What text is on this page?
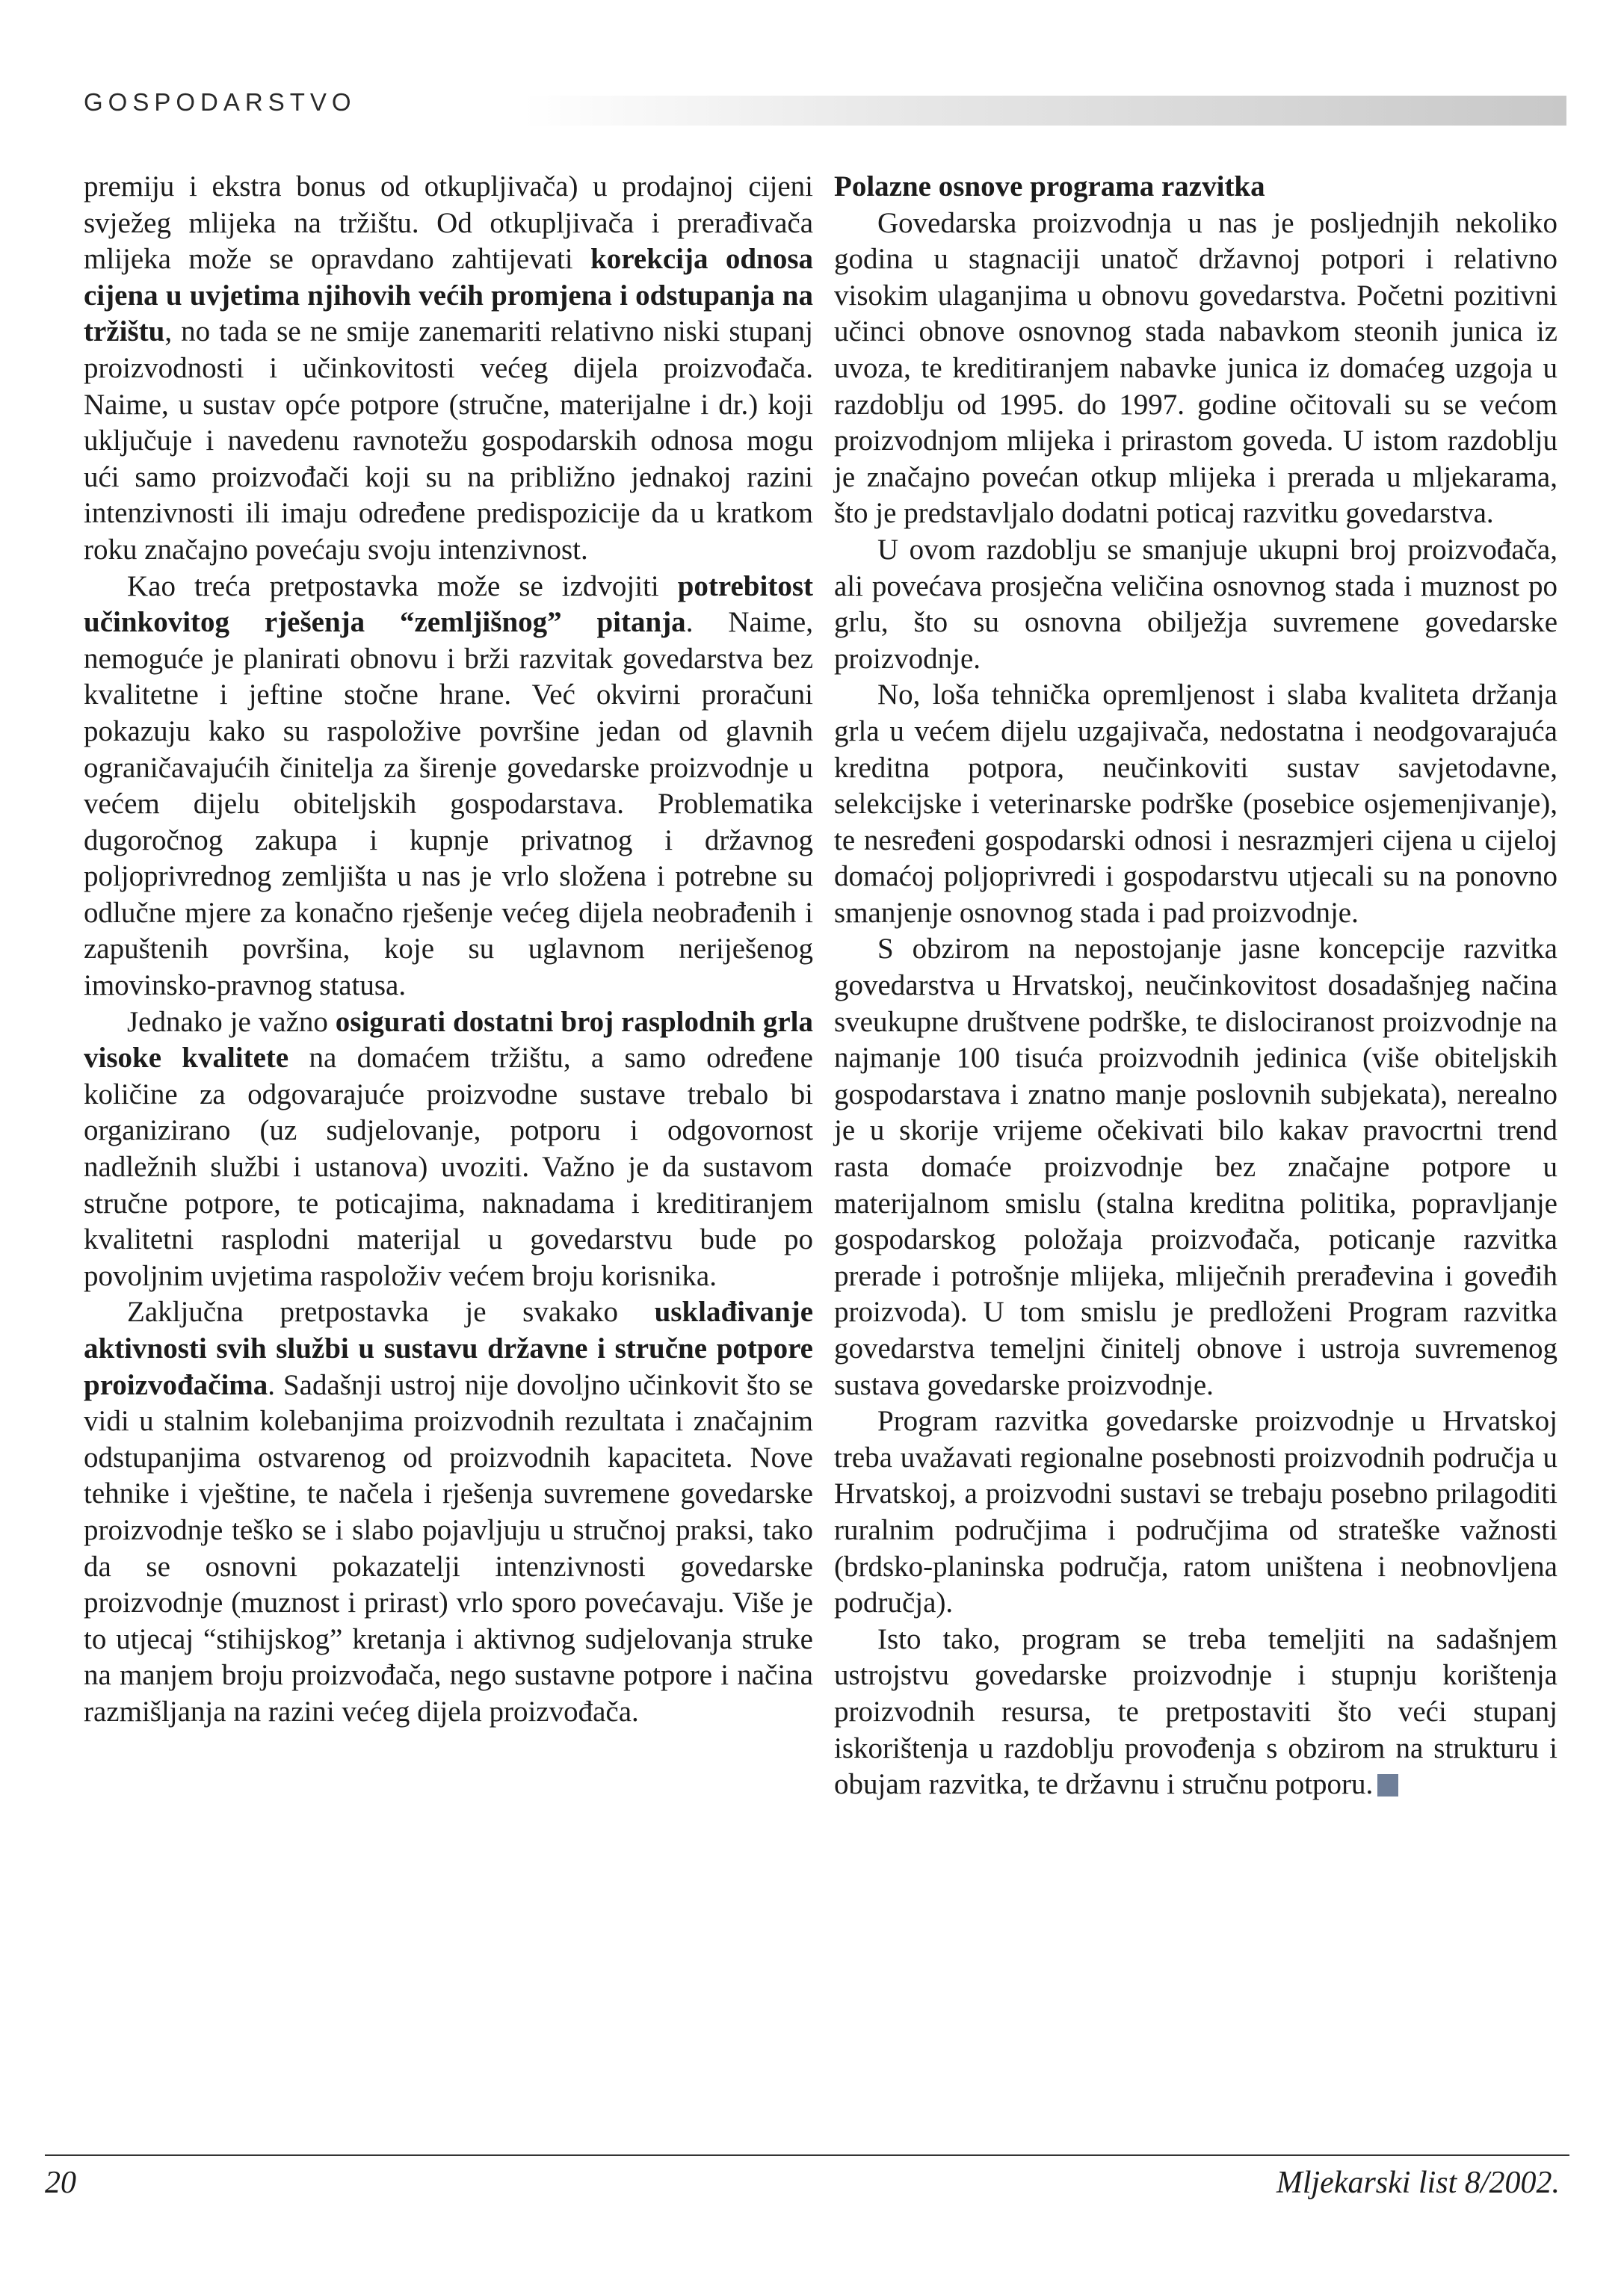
GOSPODARSTVO

premiju i ekstra bonus od otkupljivača) u prodajnoj cijeni svježeg mlijeka na tržištu. Od otkupljivača i prerađivača mlijeka može se opravdano zahtijevati korekcija odnosa cijena u uvjetima njihovih većih promjena i odstupanja na tržištu, no tada se ne smije zanemariti relativno niski stupanj proizvodnosti i učinkovitosti većeg dijela proizvođača. Naime, u sustav opće potpore (stručne, materijalne i dr.) koji uključuje i navedenu ravnotežu gospodarskih odnosa mogu ući samo proizvođači koji su na približno jednakoj razini intenzivnosti ili imaju određene predispozicije da u kratkom roku značajno povećaju svoju intenzivnost.

Kao treća pretpostavka može se izdvojiti potrebitost učinkovitog rješenja “zemljišnog” pitanja. Naime, nemoguće je planirati obnovu i brži razvitak govedarstva bez kvalitetne i jeftine stočne hrane. Već okvirni proračuni pokazuju kako su raspoložive površine jedan od glavnih ograničavajućih činitelja za širenje govedarske proizvodnje u većem dijelu obiteljskih gospodarstava. Problematika dugoročnog zakupa i kupnje privatnog i državnog poljoprivrednog zemljišta u nas je vrlo složena i potrebne su odlučne mjere za konačno rješenje većeg dijela neobrađenih i zapuštenih površina, koje su uglavnom neriješenog imovinsko-pravnog statusa.

Jednako je važno osigurati dostatni broj rasplodnih grla visoke kvalitete na domaćem tržištu, a samo određene količine za odgovarajuće proizvodne sustave trebalo bi organizirano (uz sudjelovanje, potporu i odgovornost nadležnih službi i ustanova) uvoziti. Važno je da sustavom stručne potpore, te poticajima, naknadama i kreditiranjem kvalitetni rasplodni materijal u govedarstvu bude po povoljnim uvjetima raspoloživ većem broju korisnika.

Zaključna pretpostavka je svakako usklađivanje aktivnosti svih službi u sustavu državne i stručne potpore proizvođačima. Sadašnji ustroj nije dovoljno učinkovit što se vidi u stalnim kolebanjima proizvodnih rezultata i značajnim odstupanjima ostvarenog od proizvodnih kapaciteta. Nove tehnike i vještine, te načela i rješenja suvremene govedarske proizvodnje teško se i slabo pojavljuju u stručnoj praksi, tako da se osnovni pokazatelji intenzivnosti govedarske proizvodnje (muznost i prirast) vrlo sporo povećavaju. Više je to utjecaj “stihijskog” kretanja i aktivnog sudjelovanja struke na manjem broju proizvođača, nego sustavne potpore i načina razmišljanja na razini većeg dijela proizvođača.

Polazne osnove programa razvitka

Govedarska proizvodnja u nas je posljednjih nekoliko godina u stagnaciji unatoč državnoj potpori i relativno visokim ulaganjima u obnovu govedarstva. Početni pozitivni učinci obnove osnovnog stada nabavkom steonih junica iz uvoza, te kreditiranjem nabavke junica iz domaćeg uzgoja u razdoblju od 1995. do 1997. godine očitovali su se većom proizvodnjom mlijeka i prirastom goveda. U istom razdoblju je značajno povećan otkup mlijeka i prerada u mljekarama, što je predstavljalo dodatni poticaj razvitku govedarstva.

U ovom razdoblju se smanjuje ukupni broj proizvođača, ali povećava prosječna veličina osnovnog stada i muznost po grlu, što su osnovna obilježja suvremene govedarske proizvodnje.

No, loša tehnička opremljenost i slaba kvaliteta držanja grla u većem dijelu uzgajivača, nedostatna i neodgovarajuća kreditna potpora, neučinkoviti sustav savjetodavne, selekcijske i veterinarske podrške (posebice osjemenjivanje), te nesređeni gospodarski odnosi i nesrazmjeri cijena u cijeloj domaćoj poljoprivredi i gospodarstvu utjecali su na ponovno smanjenje osnovnog stada i pad proizvodnje.

S obzirom na nepostojanje jasne koncepcije razvitka govedarstva u Hrvatskoj, neučinkovitost dosadašnjeg načina sveukupne društvene podrške, te dislociranost proizvodnje na najmanje 100 tisuća proizvodnih jedinica (više obiteljskih gospodarstava i znatno manje poslovnih subjekata), nerealno je u skorije vrijeme očekivati bilo kakav pravocrtni trend rasta domaće proizvodnje bez značajne potpore u materijalnom smislu (stalna kreditna politika, popravljanje gospodarskog položaja proizvođača, poticanje razvitka prerade i potrošnje mlijeka, mliječnih prerađevina i goveđih proizvoda). U tom smislu je predloženi Program razvitka govedarstva temeljni činitelj obnove i ustroja suvremenog sustava govedarske proizvodnje.

Program razvitka govedarske proizvodnje u Hrvatskoj treba uvažavati regionalne posebnosti proizvodnih područja u Hrvatskoj, a proizvodni sustavi se trebaju posebno prilagoditi ruralnim područjima i područjima od strateške važnosti (brdsko-planinska područja, ratom uništena i neobnovljena područja).

Isto tako, program se treba temeljiti na sadašnjem ustrojstvu govedarske proizvodnje i stupnju korištenja proizvodnih resursa, te pretpostaviti što veći stupanj iskorištenja u razdoblju provođenja s obzirom na strukturu i obujam razvitka, te državnu i stručnu potporu.

20	Mljekarski list 8/2002.
